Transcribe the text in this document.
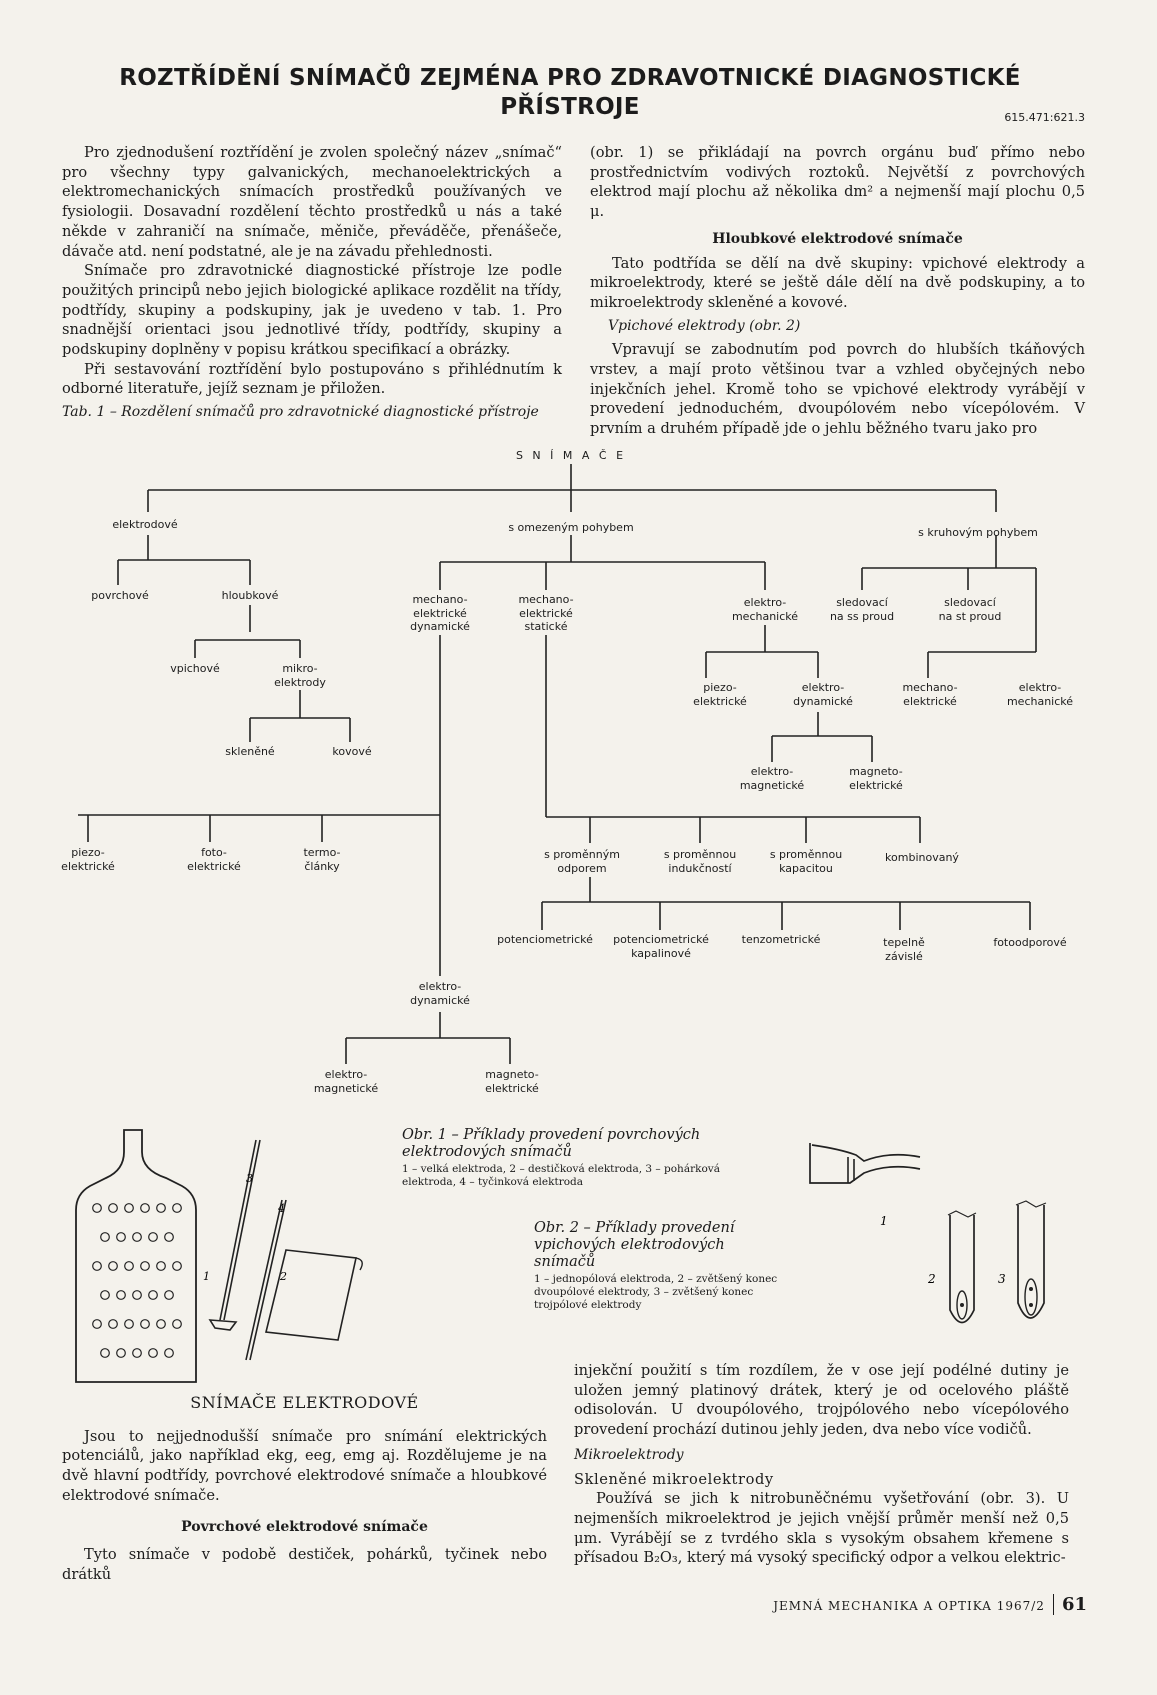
ROZTŘÍDĚNÍ SNÍMAČŮ ZEJMÉNA PRO ZDRAVOTNICKÉ DIAGNOSTICKÉ
PŘÍSTROJE	615.471:621.3

Pro zjednodušení roztřídění je zvolen společný název „snímač“ pro všechny typy galvanických, mechanoelektrických a elektromechanických snímacích prostředků používaných ve fysiologii. Dosavadní rozdělení těchto prostředků u nás a také někde v zahraničí na snímače, měniče, převáděče, přenášeče, dávače atd. není podstatné, ale je na závadu přehlednosti.

Snímače pro zdravotnické diagnostické přístroje lze podle použitých principů nebo jejich biologické aplikace rozdělit na třídy, podtřídy, skupiny a podskupiny, jak je uvedeno v tab. 1. Pro snadnější orientaci jsou jednotlivé třídy, podtřídy, skupiny a podskupiny doplněny v popisu krátkou specifikací a obrázky.

Při sestavování roztřídění bylo postupováno s přihlédnutím k odborné literatuře, jejíž seznam je přiložen.

Tab. 1 – Rozdělení snímačů pro zdravotnické diagnostické přístroje

(obr. 1) se přikládají na povrch orgánu buď přímo nebo prostřednictvím vodivých roztoků. Největší z povrchových elektrod mají plochu až několika dm² a nejmenší mají plochu 0,5 μ.

Hloubkové elektrodové snímače

Tato podtřída se dělí na dvě skupiny: vpichové elektrody a mikroelektrody, které se ještě dále dělí na dvě podskupiny, a to mikroelektrody skleněné a kovové.

Vpichové elektrody (obr. 2)

Vpravují se zabodnutím pod povrch do hlubších tkáňových vrstev, a mají proto většinou tvar a vzhled obyčejných nebo injekčních jehel. Kromě toho se vpichové elektrody vyrábějí v provedení jednoduchém, dvoupólovém nebo vícepólovém. V prvním a druhém případě jde o jehlu běžného tvaru jako pro

S N Í M A Č E
elektrodové	s omezeným pohybem	s kruhovým pohybem
povrchové	hloubkové
vpichové	mikro-
elektrody
skleněné	kovové
piezo-
elektrické
foto-
elektrické
termo-
články
mechano-
elektrické
dynamické
mechano-
elektrické
statické
elektro-
mechanické
sledovací
na ss proud
sledovací
na st proud
piezo-
elektrické
elektro-
dynamické
mechano-
elektrické
elektro-
mechanické
elektro-
magnetické
magneto-
elektrické
s proměnným
odporem
s proměnnou
indukčností
s proměnnou
kapacitou
kombinovaný
potenciometrické potenciometrické
kapalinové
tenzometrické	tepelně
závislé
fotoodporové
elektro-
dynamické
elektro-
magnetické
magneto-
elektrické
Obr. 1 – Příklady provedení povrchových elektrodových snímačů
1 – velká elektroda, 2 – destičková elektroda, 3 – pohárková elektroda, 4 – tyčinková elektroda
3
4
1	2
Obr. 2 – Příklady provedení vpichových elektrodových snímačů
1 – jednopólová elektroda, 2 – zvětšený konec dvoupólové elektrody, 3 – zvětšený konec trojpólové elektrody
1
2	3
SNÍMAČE ELEKTRODOVÉ

Jsou to nejjednodušší snímače pro snímání elektrických potenciálů, jako například ekg, eeg, emg aj. Rozdělujeme je na dvě hlavní podtřídy, povrchové elektrodové snímače a hloubkové elektrodové snímače.

Povrchové elektrodové snímače

Tyto snímače v podobě destiček, pohárků, tyčinek nebo drátků

injekční použití s tím rozdílem, že v ose její podélné dutiny je uložen jemný platinový drátek, který je od ocelového pláště odisolován. U dvoupólového, trojpólového nebo vícepólového provedení prochází dutinou jehly jeden, dva nebo více vodičů.

Mikroelektrody
Skleněné mikroelektrody

Používá se jich k nitrobuněčnému vyšetřování (obr. 3). U nejmenších mikroelektrod je jejich vnější průměr menší než 0,5 μm. Vyrábějí se z tvrdého skla s vysokým obsahem křemene s přísadou B₂O₃, který má vysoký specifický odpor a velkou elektric-

JEMNÁ MECHANIKA A OPTIKA 1967/2 61
